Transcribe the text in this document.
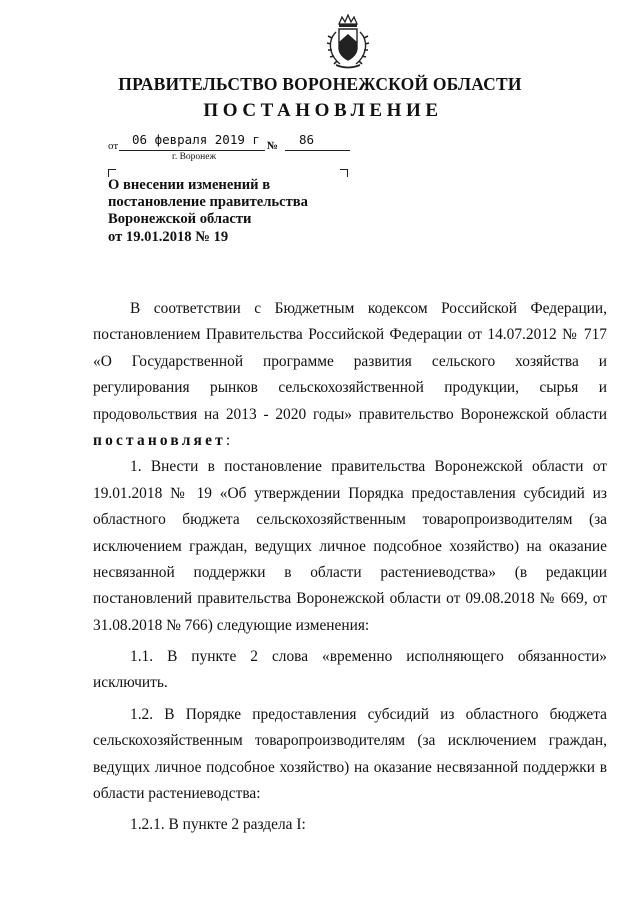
ПРАВИТЕЛЬСТВО ВОРОНЕЖСКОЙ ОБЛАСТИ
ПОСТАНОВЛЕНИЕ
от 06 февраля 2019 г № 86
г. Воронеж
О внесении изменений в
постановление правительства
Воронежской области
от 19.01.2018 № 19
В соответствии с Бюджетным кодексом Российской Федерации,
постановлением Правительства Российской Федерации от 14.07.2012 № 717
«О Государственной программе развития сельского хозяйства и
регулирования рынков сельскохозяйственной продукции, сырья и
продовольствия на 2013 - 2020 годы» правительство Воронежской области
постановляет:
1. Внести в постановление правительства Воронежской области от
19.01.2018 № 19 «Об утверждении Порядка предоставления субсидий из
областного бюджета сельскохозяйственным товаропроизводителям (за
исключением граждан, ведущих личное подсобное хозяйство) на оказание
несвязанной поддержки в области растениеводства» (в редакции
постановлений правительства Воронежской области от 09.08.2018 № 669, от
31.08.2018 № 766) следующие изменения:
1.1. В пункте 2 слова «временно исполняющего обязанности»
исключить.
1.2. В Порядке предоставления субсидий из областного бюджета
сельскохозяйственным товаропроизводителям (за исключением граждан,
ведущих личное подсобное хозяйство) на оказание несвязанной поддержки в
области растениеводства:
1.2.1. В пункте 2 раздела I:
